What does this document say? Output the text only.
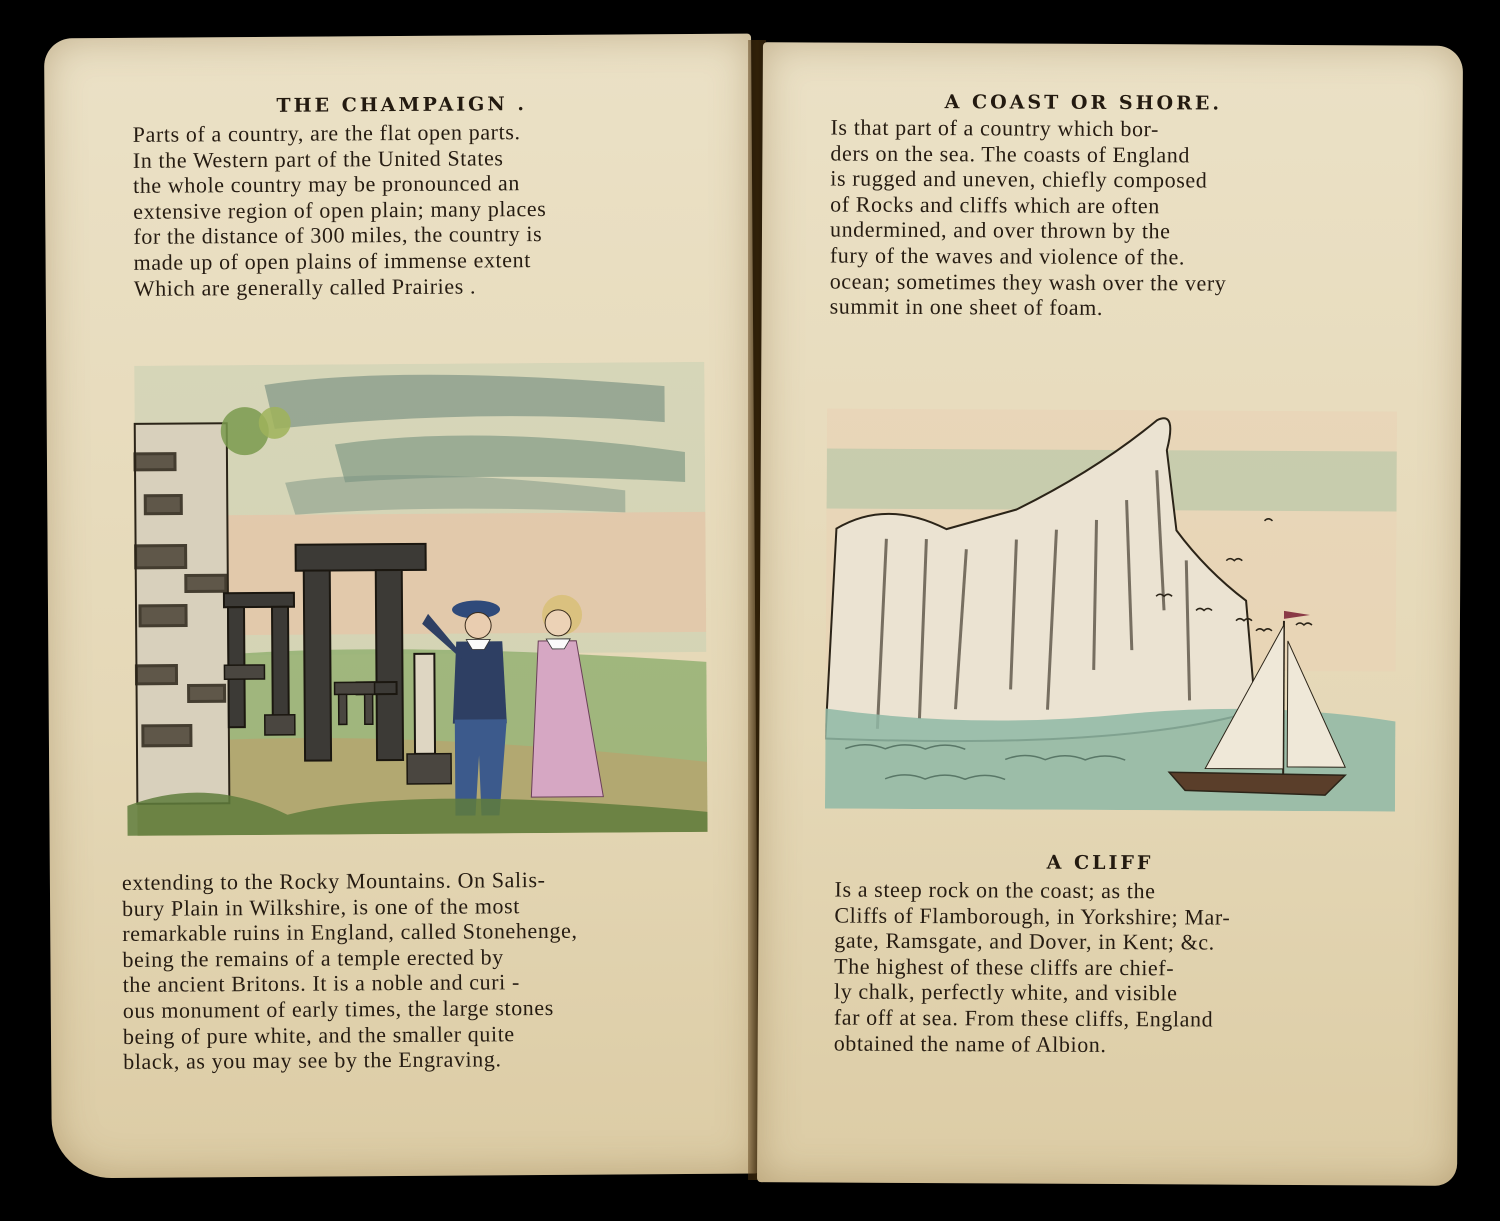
THE CHAMPAIGN .
Parts of a country, are the flat open parts.
In the Western part of the United States
the whole country may be pronounced an
extensive region of open plain; many places
for the distance of 300 miles, the country is
made up of open plains of immense extent
Which are generally called Prairies .
extending to the Rocky Mountains. On Salis-
bury Plain in Wilkshire, is one of the most
remarkable ruins in England, called Stonehenge,
being the remains of a temple erected by
the ancient Britons. It is a noble and curi -
ous monument of early times, the large stones
being of pure white, and the smaller quite
black, as you may see by the Engraving.
A COAST OR SHORE.
Is that part of a country which bor-
ders on the sea. The coasts of England
is rugged and uneven, chiefly composed
of Rocks and cliffs which are often
undermined, and over thrown by the
fury of the waves and violence of the.
ocean; sometimes they wash over the very
summit in one sheet of foam.
A CLIFF
Is a steep rock on the coast; as the
Cliffs of Flamborough, in Yorkshire; Mar-
gate, Ramsgate, and Dover, in Kent; &c.
The highest of these cliffs are chief-
ly chalk, perfectly white, and visible
far off at sea. From these cliffs, England
obtained the name of Albion.
